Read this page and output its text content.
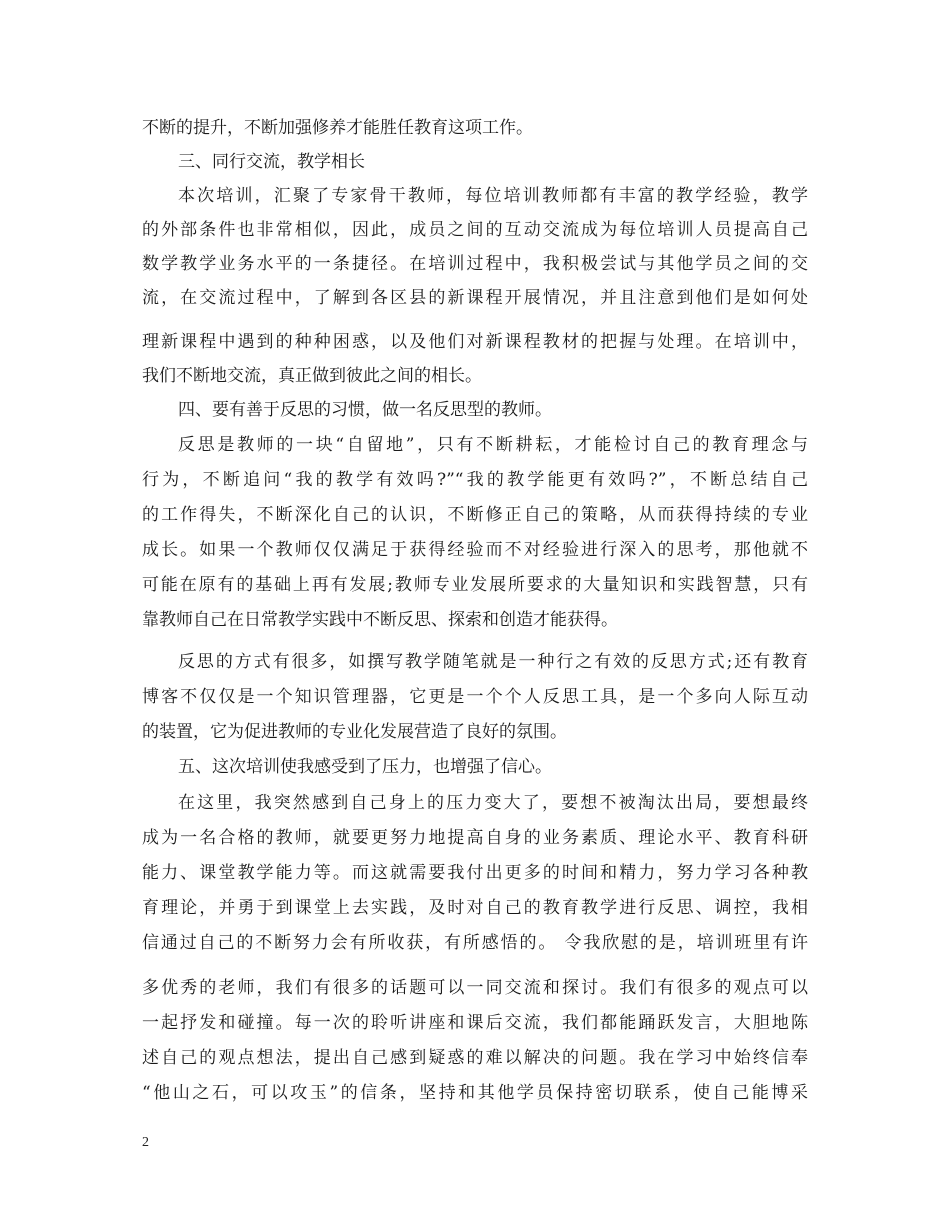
不断的提升，不断加强修养才能胜任教育这项工作。
三、同行交流，教学相长
本次培训，汇聚了专家骨干教师，每位培训教师都有丰富的教学经验，教学
的外部条件也非常相似，因此，成员之间的互动交流成为每位培训人员提高自己
数学教学业务水平的一条捷径。在培训过程中，我积极尝试与其他学员之间的交
流，在交流过程中，了解到各区县的新课程开展情况，并且注意到他们是如何处
理新课程中遇到的种种困惑，以及他们对新课程教材的把握与处理。在培训中，
我们不断地交流，真正做到彼此之间的相长。
四、要有善于反思的习惯，做一名反思型的教师。
反思是教师的一块“自留地”，只有不断耕耘，才能检讨自己的教育理念与
行为，不断追问“我的教学有效吗?”“我的教学能更有效吗?”，不断总结自己
的工作得失，不断深化自己的认识，不断修正自己的策略，从而获得持续的专业
成长。如果一个教师仅仅满足于获得经验而不对经验进行深入的思考，那他就不
可能在原有的基础上再有发展;教师专业发展所要求的大量知识和实践智慧，只有
靠教师自己在日常教学实践中不断反思、探索和创造才能获得。
反思的方式有很多，如撰写教学随笔就是一种行之有效的反思方式;还有教育
博客不仅仅是一个知识管理器，它更是一个个人反思工具，是一个多向人际互动
的装置，它为促进教师的专业化发展营造了良好的氛围。
五、这次培训使我感受到了压力，也增强了信心。
在这里，我突然感到自己身上的压力变大了，要想不被淘汰出局，要想最终
成为一名合格的教师，就要更努力地提高自身的业务素质、理论水平、教育科研
能力、课堂教学能力等。而这就需要我付出更多的时间和精力，努力学习各种教
育理论，并勇于到课堂上去实践，及时对自己的教育教学进行反思、调控，我相
信通过自己的不断努力会有所收获，有所感悟的。 令我欣慰的是，培训班里有许
多优秀的老师，我们有很多的话题可以一同交流和探讨。我们有很多的观点可以
一起抒发和碰撞。每一次的聆听讲座和课后交流，我们都能踊跃发言，大胆地陈
述自己的观点想法，提出自己感到疑惑的难以解决的问题。我在学习中始终信奉
“他山之石，可以攻玉”的信条，坚持和其他学员保持密切联系，使自己能博采
2
